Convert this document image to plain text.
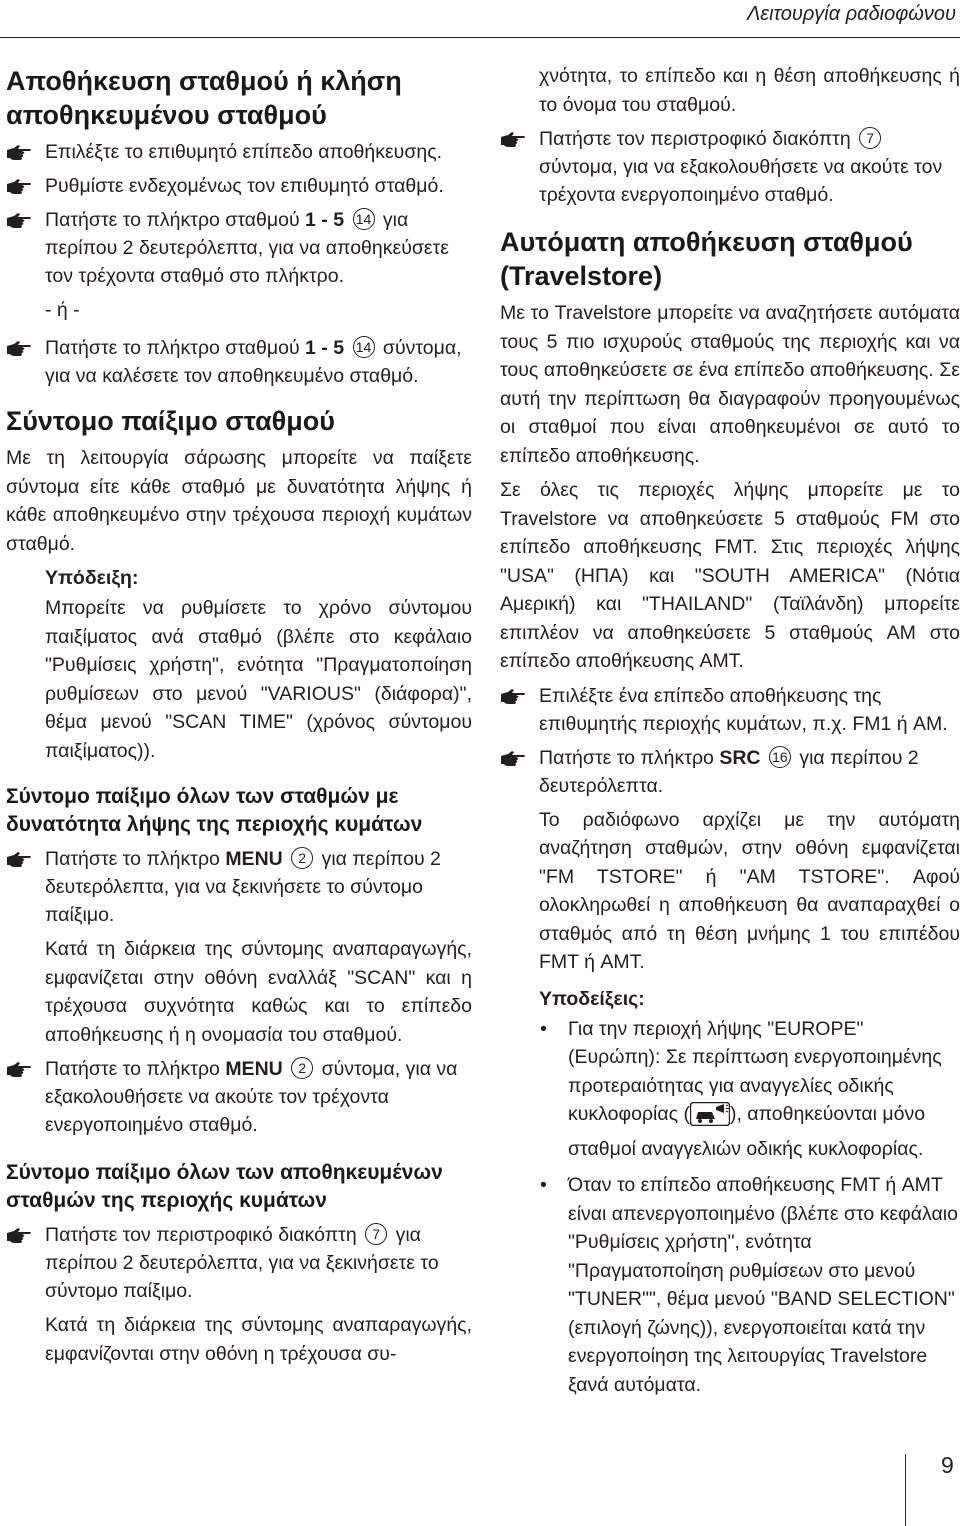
Λειτουργία ραδιοφώνου

Αποθήκευση σταθμού ή κλήση αποθηκευμένου σταθμού
Επιλέξτε το επιθυμητό επίπεδο αποθήκευσης.
Ρυθμίστε ενδεχομένως τον επιθυμητό σταθμό.
Πατήστε το πλήκτρο σταθμού 1 - 5 14 για περίπου 2 δευτερόλεπτα, για να αποθηκεύσετε τον τρέχοντα σταθμό στο πλήκτρο.

- ή -

Πατήστε το πλήκτρο σταθμού 1 - 5 14 σύντομα, για να καλέσετε τον αποθηκευμένο σταθμό.
Σύντομο παίξιμο σταθμού

Με τη λειτουργία σάρωσης μπορείτε να παίξετε σύντομα είτε κάθε σταθμό με δυνατότητα λήψης ή κάθε αποθηκευμένο στην τρέχουσα περιοχή κυμάτων σταθμό.

Υπόδειξη:

Μπορείτε να ρυθμίσετε το χρόνο σύντομου παιξίματος ανά σταθμό (βλέπε στο κεφάλαιο "Ρυθμίσεις χρήστη", ενότητα "Πραγματοποίηση ρυθμίσεων στο μενού "VARIOUS" (διάφορα)", θέμα μενού "SCAN TIME" (χρόνος σύντομου παιξίματος)).

Σύντομο παίξιμο όλων των σταθμών με δυνατότητα λήψης της περιοχής κυμάτων
Πατήστε το πλήκτρο MENU 2 για περίπου 2 δευτερόλεπτα, για να ξεκινήσετε το σύντομο παίξιμο.

Κατά τη διάρκεια της σύντομης αναπαραγωγής, εμφανίζεται στην οθόνη εναλλάξ "SCAN" και η τρέχουσα συχνότητα καθώς και το επίπεδο αποθήκευσης ή η ονομασία του σταθμού.

Πατήστε το πλήκτρο MENU 2 σύντομα, για να εξακολουθήσετε να ακούτε τον τρέχοντα ενεργοποιημένο σταθμό.
Σύντομο παίξιμο όλων των αποθηκευμένων σταθμών της περιοχής κυμάτων
Πατήστε τον περιστροφικό διακόπτη 7 για περίπου 2 δευτερόλεπτα, για να ξεκινήσετε το σύντομο παίξιμο.

Κατά τη διάρκεια της σύντομης αναπαραγωγής, εμφανίζονται στην οθόνη η τρέχουσα συ-

χνότητα, το επίπεδο και η θέση αποθήκευσης ή το όνομα του σταθμού.

Πατήστε τον περιστροφικό διακόπτη 7 σύντομα, για να εξακολουθήσετε να ακούτε τον τρέχοντα ενεργοποιημένο σταθμό.
Αυτόματη αποθήκευση σταθμού (Travelstore)

Με το Travelstore μπορείτε να αναζητήσετε αυτόματα τους 5 πιο ισχυρούς σταθμούς της περιοχής και να τους αποθηκεύσετε σε ένα επίπεδο αποθήκευσης. Σε αυτή την περίπτωση θα διαγραφούν προηγουμένως οι σταθμοί που είναι αποθηκευμένοι σε αυτό το επίπεδο αποθήκευσης.

Σε όλες τις περιοχές λήψης μπορείτε με το Travelstore να αποθηκεύσετε 5 σταθμούς FM στο επίπεδο αποθήκευσης FMT. Στις περιοχές λήψης "USA" (ΗΠΑ) και "SOUTH AMERICA" (Νότια Αμερική) και "THAILAND" (Ταϊλάνδη) μπορείτε επιπλέον να αποθηκεύσετε 5 σταθμούς AM στο επίπεδο αποθήκευσης AMT.

Επιλέξτε ένα επίπεδο αποθήκευσης της επιθυμητής περιοχής κυμάτων, π.χ. FM1 ή AM.
Πατήστε το πλήκτρο SRC 16 για περίπου 2 δευτερόλεπτα.

Το ραδιόφωνο αρχίζει με την αυτόματη αναζήτηση σταθμών, στην οθόνη εμφανίζεται "FM TSTORE" ή "AM TSTORE". Αφού ολοκληρωθεί η αποθήκευση θα αναπαραχθεί ο σταθμός από τη θέση μνήμης 1 του επιπέδου FMT ή AMT.

Υποδείξεις:

• Για την περιοχή λήψης "EUROPE" (Ευρώπη): Σε περίπτωση ενεργοποιημένης προτεραιότητας για αναγγελίες οδικής κυκλοφορίας ( ), αποθηκεύονται μόνο σταθμοί αναγγελιών οδικής κυκλοφορίας.
• Όταν το επίπεδο αποθήκευσης FMT ή AMT είναι απενεργοποιημένο (βλέπε στο κεφάλαιο "Ρυθμίσεις χρήστη", ενότητα "Πραγματοποίηση ρυθμίσεων στο μενού "TUNER"", θέμα μενού "BAND SELECTION" (επιλογή ζώνης)), ενεργοποιείται κατά την ενεργοποίηση της λειτουργίας Travelstore ξανά αυτόματα.
9
